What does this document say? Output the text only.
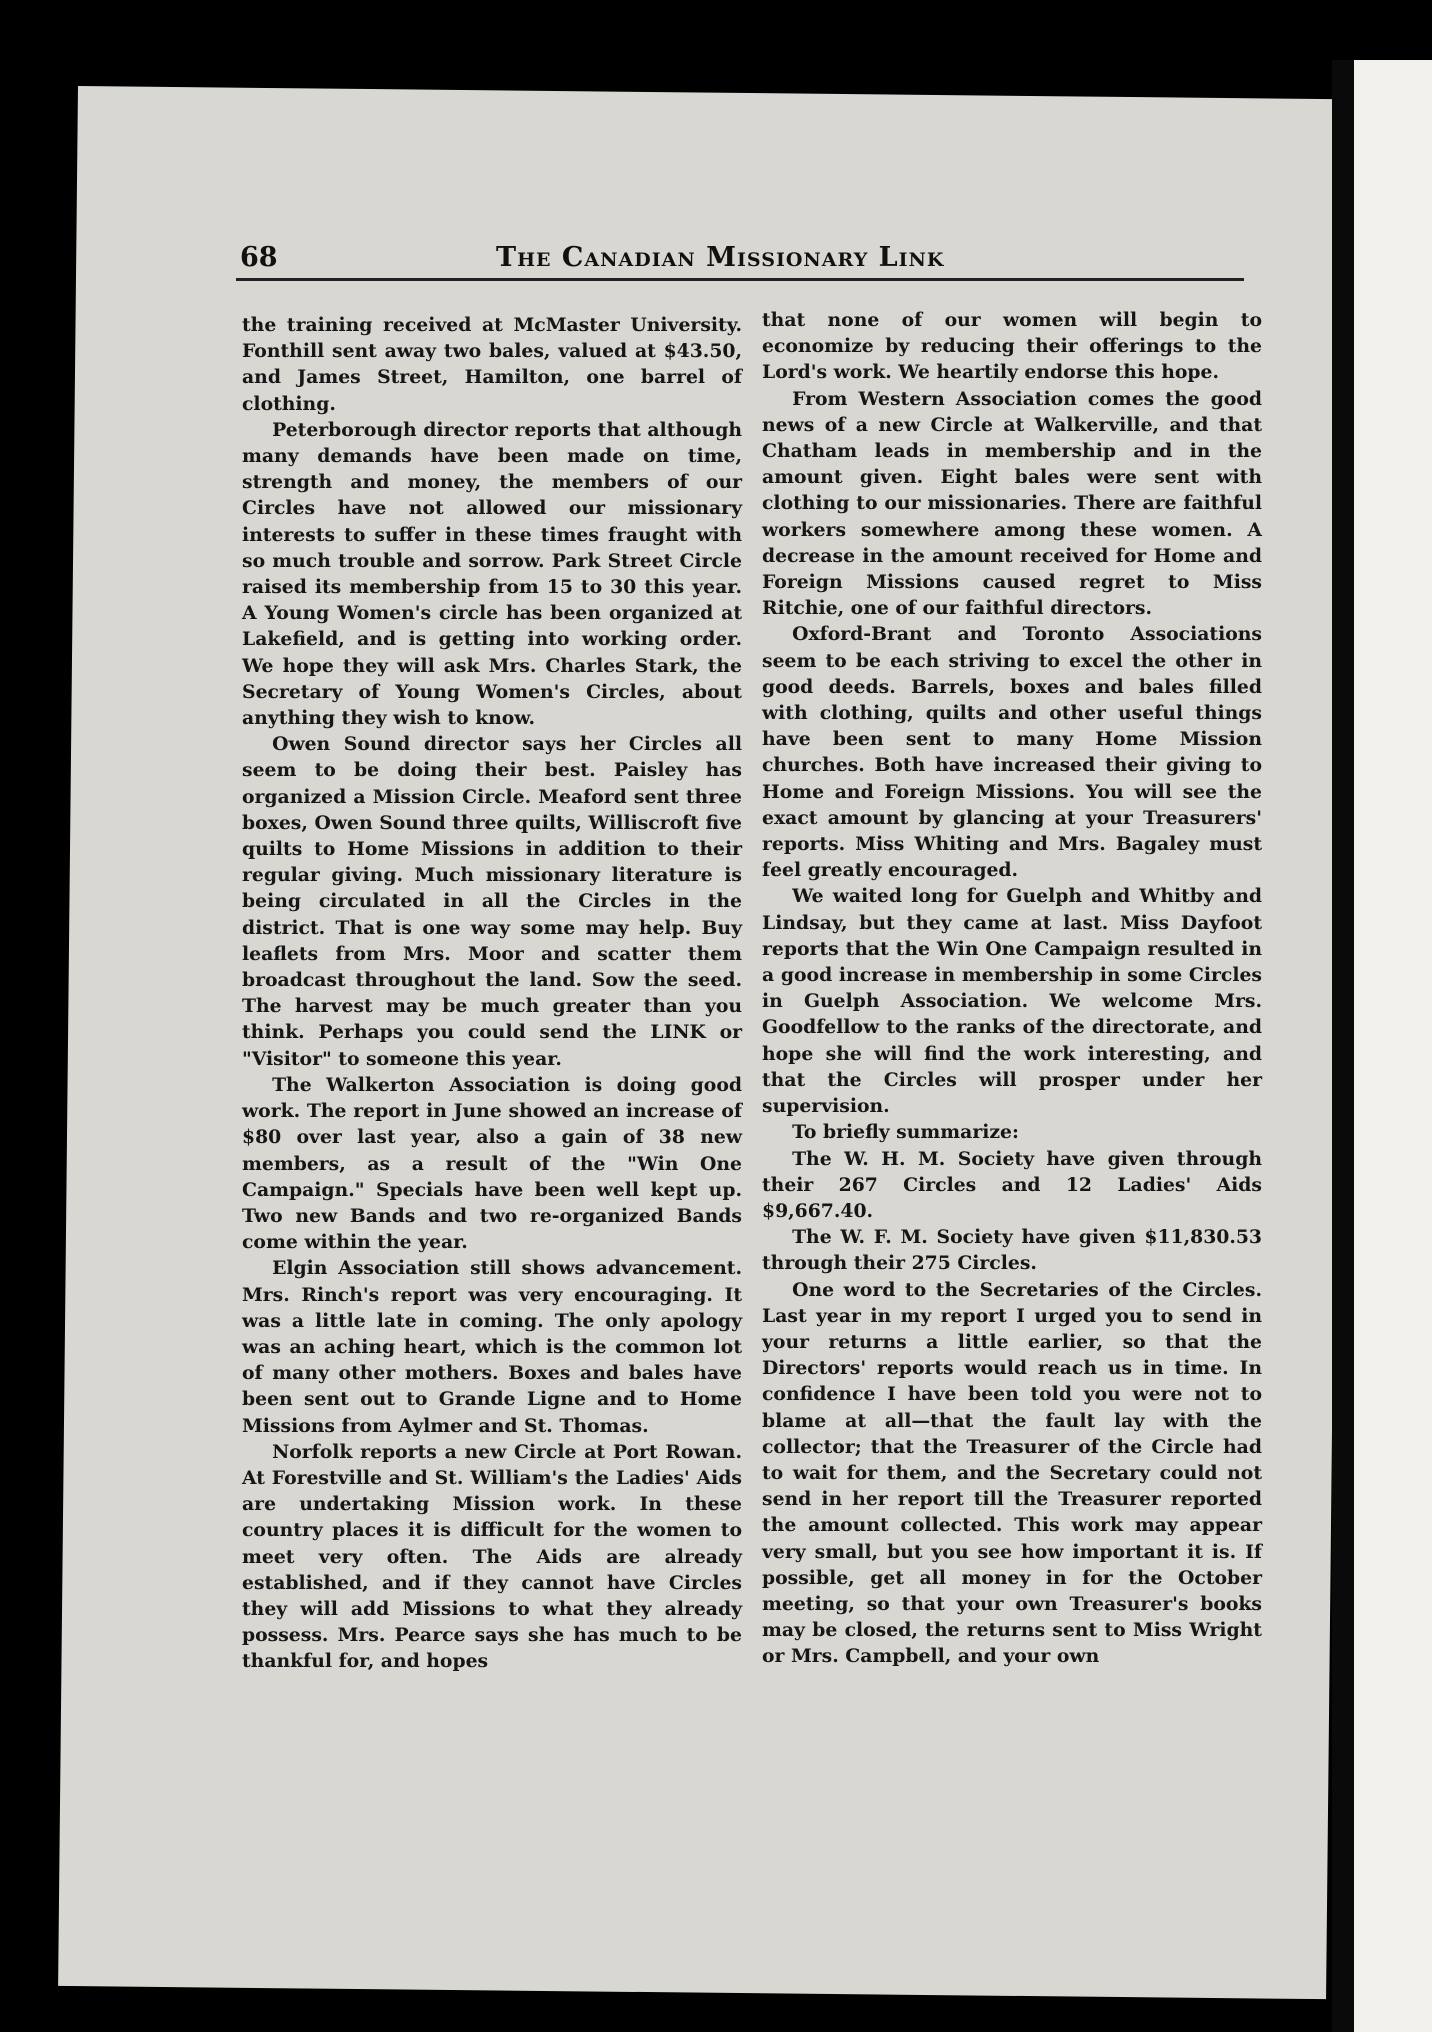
68	The Canadian Missionary Link

the training received at McMaster University. Fonthill sent away two bales, valued at $43.50, and James Street, Hamilton, one barrel of clothing.

Peterborough director reports that although many demands have been made on time, strength and money, the members of our Circles have not allowed our missionary interests to suffer in these times fraught with so much trouble and sorrow. Park Street Circle raised its membership from 15 to 30 this year. A Young Women's circle has been organized at Lakefield, and is getting into working order. We hope they will ask Mrs. Charles Stark, the Secretary of Young Women's Circles, about anything they wish to know.

Owen Sound director says her Circles all seem to be doing their best. Paisley has organized a Mission Circle. Meaford sent three boxes, Owen Sound three quilts, Williscroft five quilts to Home Missions in addition to their regular giving. Much missionary literature is being circulated in all the Circles in the district. That is one way some may help. Buy leaflets from Mrs. Moor and scatter them broadcast throughout the land. Sow the seed. The harvest may be much greater than you think. Perhaps you could send the LINK or "Visitor" to someone this year.

The Walkerton Association is doing good work. The report in June showed an increase of $80 over last year, also a gain of 38 new members, as a result of the "Win One Campaign." Specials have been well kept up. Two new Bands and two re-organized Bands come within the year.

Elgin Association still shows advancement. Mrs. Rinch's report was very encouraging. It was a little late in coming. The only apology was an aching heart, which is the common lot of many other mothers. Boxes and bales have been sent out to Grande Ligne and to Home Missions from Aylmer and St. Thomas.

Norfolk reports a new Circle at Port Rowan. At Forestville and St. William's the Ladies' Aids are undertaking Mission work. In these country places it is difficult for the women to meet very often. The Aids are already established, and if they cannot have Circles they will add Missions to what they already possess. Mrs. Pearce says she has much to be thankful for, and hopes

that none of our women will begin to economize by reducing their offerings to the Lord's work. We heartily endorse this hope.

From Western Association comes the good news of a new Circle at Walkerville, and that Chatham leads in membership and in the amount given. Eight bales were sent with clothing to our missionaries. There are faithful workers somewhere among these women. A decrease in the amount received for Home and Foreign Missions caused regret to Miss Ritchie, one of our faithful directors.

Oxford-Brant and Toronto Associations seem to be each striving to excel the other in good deeds. Barrels, boxes and bales filled with clothing, quilts and other useful things have been sent to many Home Mission churches. Both have increased their giving to Home and Foreign Missions. You will see the exact amount by glancing at your Treasurers' reports. Miss Whiting and Mrs. Bagaley must feel greatly encouraged.

We waited long for Guelph and Whitby and Lindsay, but they came at last. Miss Dayfoot reports that the Win One Campaign resulted in a good increase in membership in some Circles in Guelph Association. We welcome Mrs. Goodfellow to the ranks of the directorate, and hope she will find the work interesting, and that the Circles will prosper under her supervision.

To briefly summarize:

The W. H. M. Society have given through their 267 Circles and 12 Ladies' Aids $9,667.40.

The W. F. M. Society have given $11,830.53 through their 275 Circles.

One word to the Secretaries of the Circles. Last year in my report I urged you to send in your returns a little earlier, so that the Directors' reports would reach us in time. In confidence I have been told you were not to blame at all—that the fault lay with the collector; that the Treasurer of the Circle had to wait for them, and the Secretary could not send in her report till the Treasurer reported the amount collected. This work may appear very small, but you see how important it is. If possible, get all money in for the October meeting, so that your own Treasurer's books may be closed, the returns sent to Miss Wright or Mrs. Campbell, and your own
